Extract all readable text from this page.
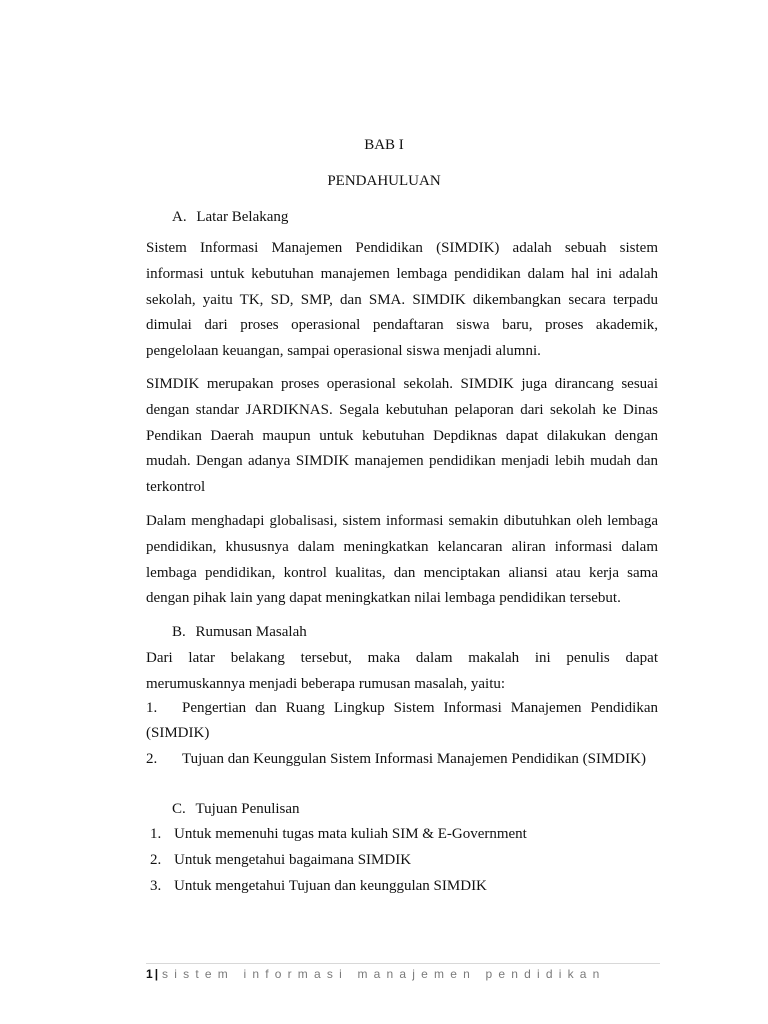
BAB I
PENDAHULUAN
A. Latar Belakang
Sistem Informasi Manajemen Pendidikan (SIMDIK) adalah sebuah sistem
informasi untuk kebutuhan manajemen lembaga pendidikan dalam hal ini adalah
sekolah, yaitu TK, SD, SMP, dan SMA. SIMDIK dikembangkan secara terpadu
dimulai dari proses operasional pendaftaran siswa baru, proses akademik,
pengelolaan keuangan, sampai operasional siswa menjadi alumni.
SIMDIK merupakan proses operasional sekolah. SIMDIK juga dirancang sesuai
dengan standar JARDIKNAS. Segala kebutuhan pelaporan dari sekolah ke Dinas
Pendikan Daerah maupun untuk kebutuhan Depdiknas dapat dilakukan dengan
mudah. Dengan adanya SIMDIK manajemen pendidikan menjadi lebih mudah dan
terkontrol
Dalam menghadapi globalisasi, sistem informasi semakin dibutuhkan oleh lembaga
pendidikan, khususnya dalam meningkatkan kelancaran aliran informasi dalam
lembaga pendidikan, kontrol kualitas, dan menciptakan aliansi atau kerja sama
dengan pihak lain yang dapat meningkatkan nilai lembaga pendidikan tersebut.
B. Rumusan Masalah
Dari latar belakang tersebut, maka dalam makalah ini penulis dapat
merumuskannya menjadi beberapa rumusan masalah, yaitu:
1. Pengertian dan Ruang Lingkup Sistem Informasi Manajemen Pendidikan
(SIMDIK)
2. Tujuan dan Keunggulan Sistem Informasi Manajemen Pendidikan (SIMDIK)
C. Tujuan Penulisan
1. Untuk memenuhi tugas mata kuliah SIM & E-Government
2. Untuk mengetahui bagaimana SIMDIK
3. Untuk mengetahui Tujuan dan keunggulan SIMDIK
1 | sistem informasi manajemen pendidikan
